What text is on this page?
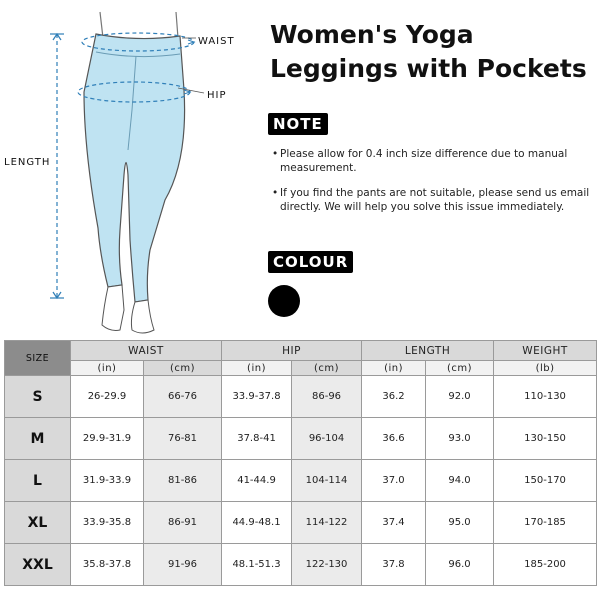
WAIST
HIP
LENGTH
Women's Yoga Leggings with Pockets
NOTE
• Please allow for 0.4 inch size difference due to manual measurement.
• If you find the pants are not suitable, please send us email directly. We will help you solve this issue immediately.
COLOUR
SIZE	WAIST		HIP		LENGTH		WEIGHT
	(in)	(cm)	(in)	(cm)	(in)	(cm)	(lb)
S	26-29.9	66-76	33.9-37.8	86-96	36.2	92.0	110-130
M	29.9-31.9	76-81	37.8-41	96-104	36.6	93.0	130-150
L	31.9-33.9	81-86	41-44.9	104-114	37.0	94.0	150-170
XL	33.9-35.8	86-91	44.9-48.1	114-122	37.4	95.0	170-185
XXL	35.8-37.8	91-96	48.1-51.3	122-130	37.8	96.0	185-200
